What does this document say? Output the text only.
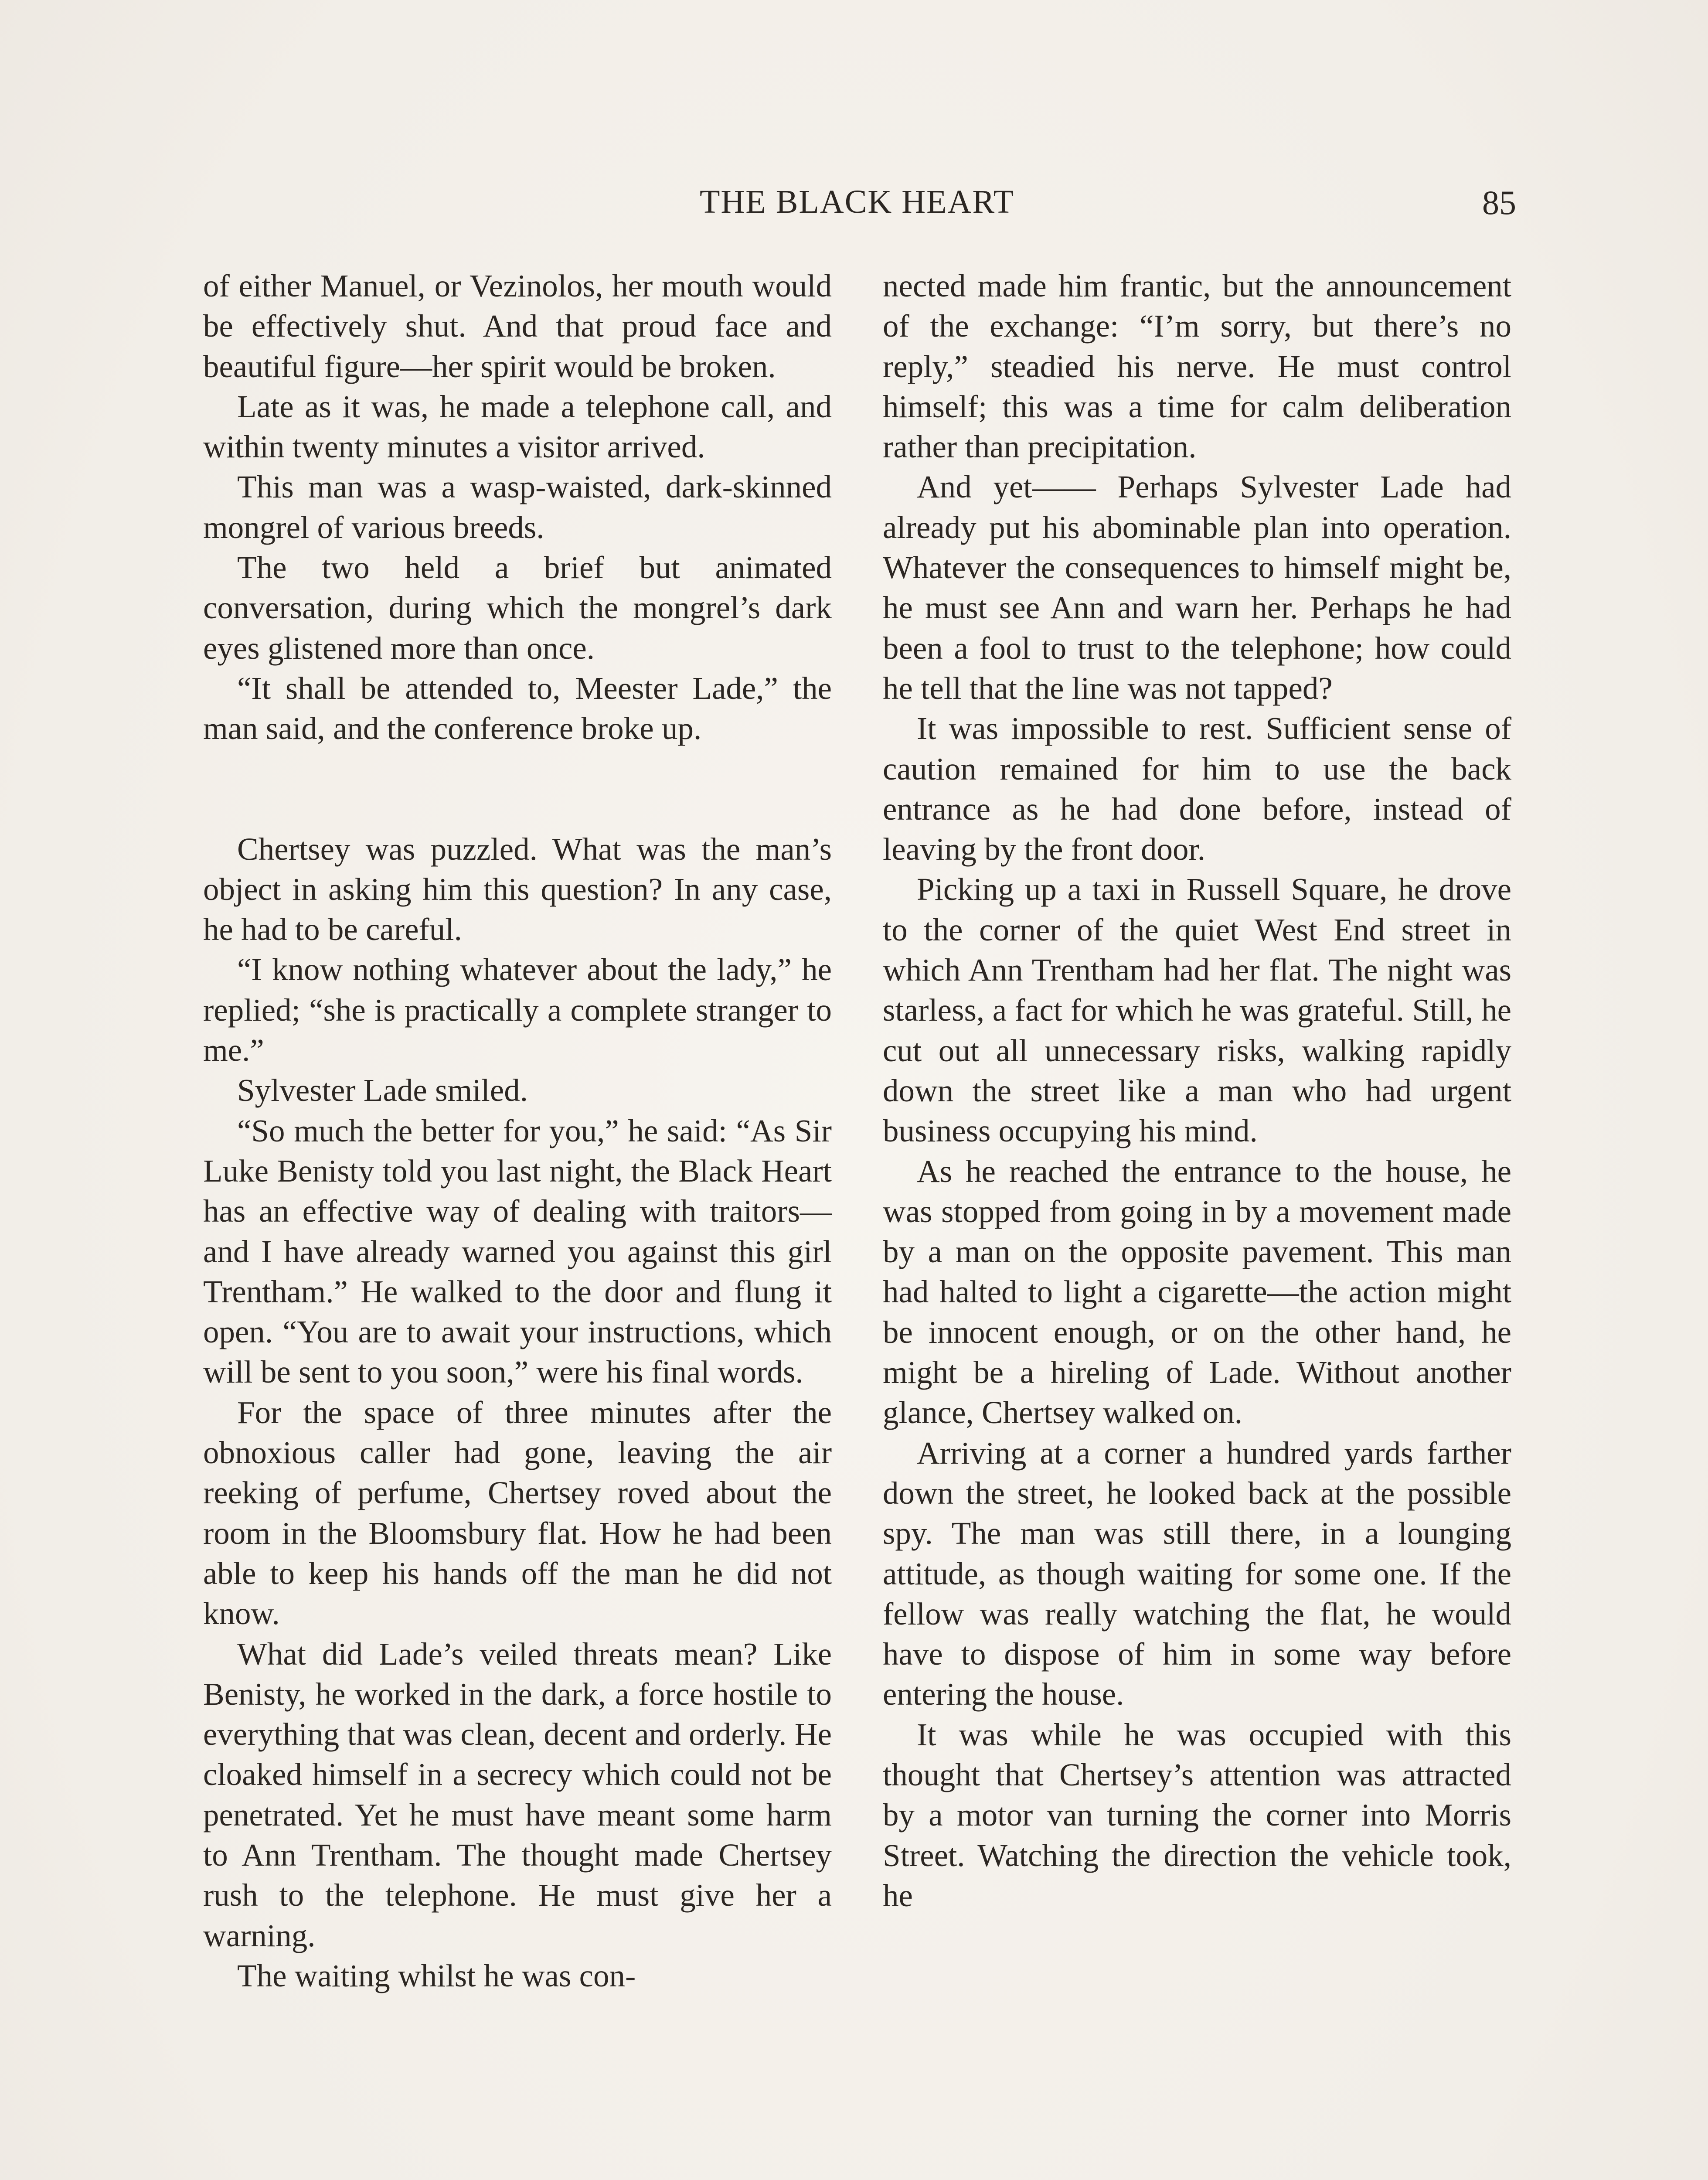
THE BLACK HEART	85

of either Manuel, or Vezinolos, her mouth would be effectively shut. And that proud face and beautiful figure—her spirit would be broken.

Late as it was, he made a telephone call, and within twenty minutes a visitor arrived.

This man was a wasp-waisted, dark-skinned mongrel of various breeds.

The two held a brief but animated conversation, during which the mongrel’s dark eyes glistened more than once.

“It shall be attended to, Meester Lade,” the man said, and the conference broke up.

Chertsey was puzzled. What was the man’s object in asking him this question? In any case, he had to be careful.

“I know nothing whatever about the lady,” he replied; “she is practically a complete stranger to me.”

Sylvester Lade smiled.

“So much the better for you,” he said: “As Sir Luke Benisty told you last night, the Black Heart has an effective way of dealing with traitors—and I have already warned you against this girl Trentham.” He walked to the door and flung it open. “You are to await your instructions, which will be sent to you soon,” were his final words.

For the space of three minutes after the obnoxious caller had gone, leaving the air reeking of perfume, Chertsey roved about the room in the Bloomsbury flat. How he had been able to keep his hands off the man he did not know.

What did Lade’s veiled threats mean? Like Benisty, he worked in the dark, a force hostile to everything that was clean, decent and orderly. He cloaked himself in a secrecy which could not be penetrated. Yet he must have meant some harm to Ann Trentham. The thought made Chertsey rush to the telephone. He must give her a warning.

The waiting whilst he was con-

nected made him frantic, but the announcement of the exchange: “I’m sorry, but there’s no reply,” steadied his nerve. He must control himself; this was a time for calm deliberation rather than precipitation.

And yet—— Perhaps Sylvester Lade had already put his abominable plan into operation. Whatever the consequences to himself might be, he must see Ann and warn her. Perhaps he had been a fool to trust to the telephone; how could he tell that the line was not tapped?

It was impossible to rest. Sufficient sense of caution remained for him to use the back entrance as he had done before, instead of leaving by the front door.

Picking up a taxi in Russell Square, he drove to the corner of the quiet West End street in which Ann Trentham had her flat. The night was starless, a fact for which he was grateful. Still, he cut out all unnecessary risks, walking rapidly down the street like a man who had urgent business occupying his mind.

As he reached the entrance to the house, he was stopped from going in by a movement made by a man on the opposite pavement. This man had halted to light a cigarette—the action might be innocent enough, or on the other hand, he might be a hireling of Lade. Without another glance, Chertsey walked on.

Arriving at a corner a hundred yards farther down the street, he looked back at the possible spy. The man was still there, in a lounging attitude, as though waiting for some one. If the fellow was really watching the flat, he would have to dispose of him in some way before entering the house.

It was while he was occupied with this thought that Chertsey’s attention was attracted by a motor van turning the corner into Morris Street. Watching the direction the vehicle took, he
